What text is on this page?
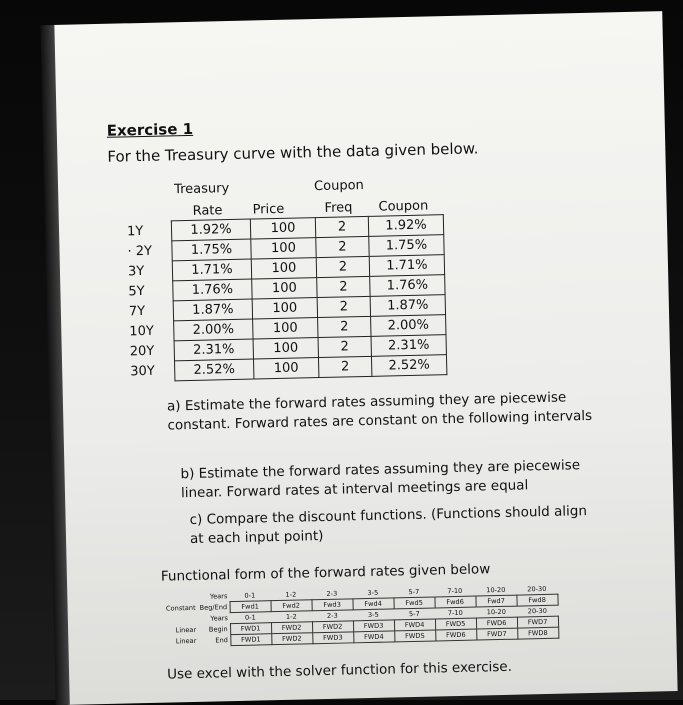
Exercise 1
For the Treasury curve with the data given below.
Treasury
Rate Price
Coupon
Freq Coupon
1Y	1.92%	100	2	1.92%
· 2Y	1.75%	100	2	1.75%
3Y	1.71%	100	2	1.71%
5Y	1.76%	100	2	1.76%
7Y	1.87%	100	2	1.87%
10Y	2.00%	100	2	2.00%
20Y	2.31%	100	2	2.31%
30Y	2.52%	100	2	2.52%
a) Estimate the forward rates assuming they are piecewise constant. Forward rates are constant on the following intervals
b) Estimate the forward rates assuming they are piecewise linear. Forward rates at interval meetings are equal
c) Compare the discount functions. (Functions should align at each input point)
Functional form of the forward rates given below
	Years	0-1	1-2	2-3	3-5	5-7	7-10	10-20	20-30
Constant	Beg/End	Fwd1	Fwd2	Fwd3	Fwd4	Fwd5	Fwd6	Fwd7	Fwd8
	Years	0-1	1-2	2-3	3-5	5-7	7-10	10-20	20-30
Linear	Begin	FWD1	FWD2	FWD2	FWD3	FWD4	FWD5	FWD6	FWD7
Linear	End	FWD1	FWD2	FWD3	FWD4	FWDS	FWD6	FWD7	FWD8
Use excel with the solver function for this exercise.
